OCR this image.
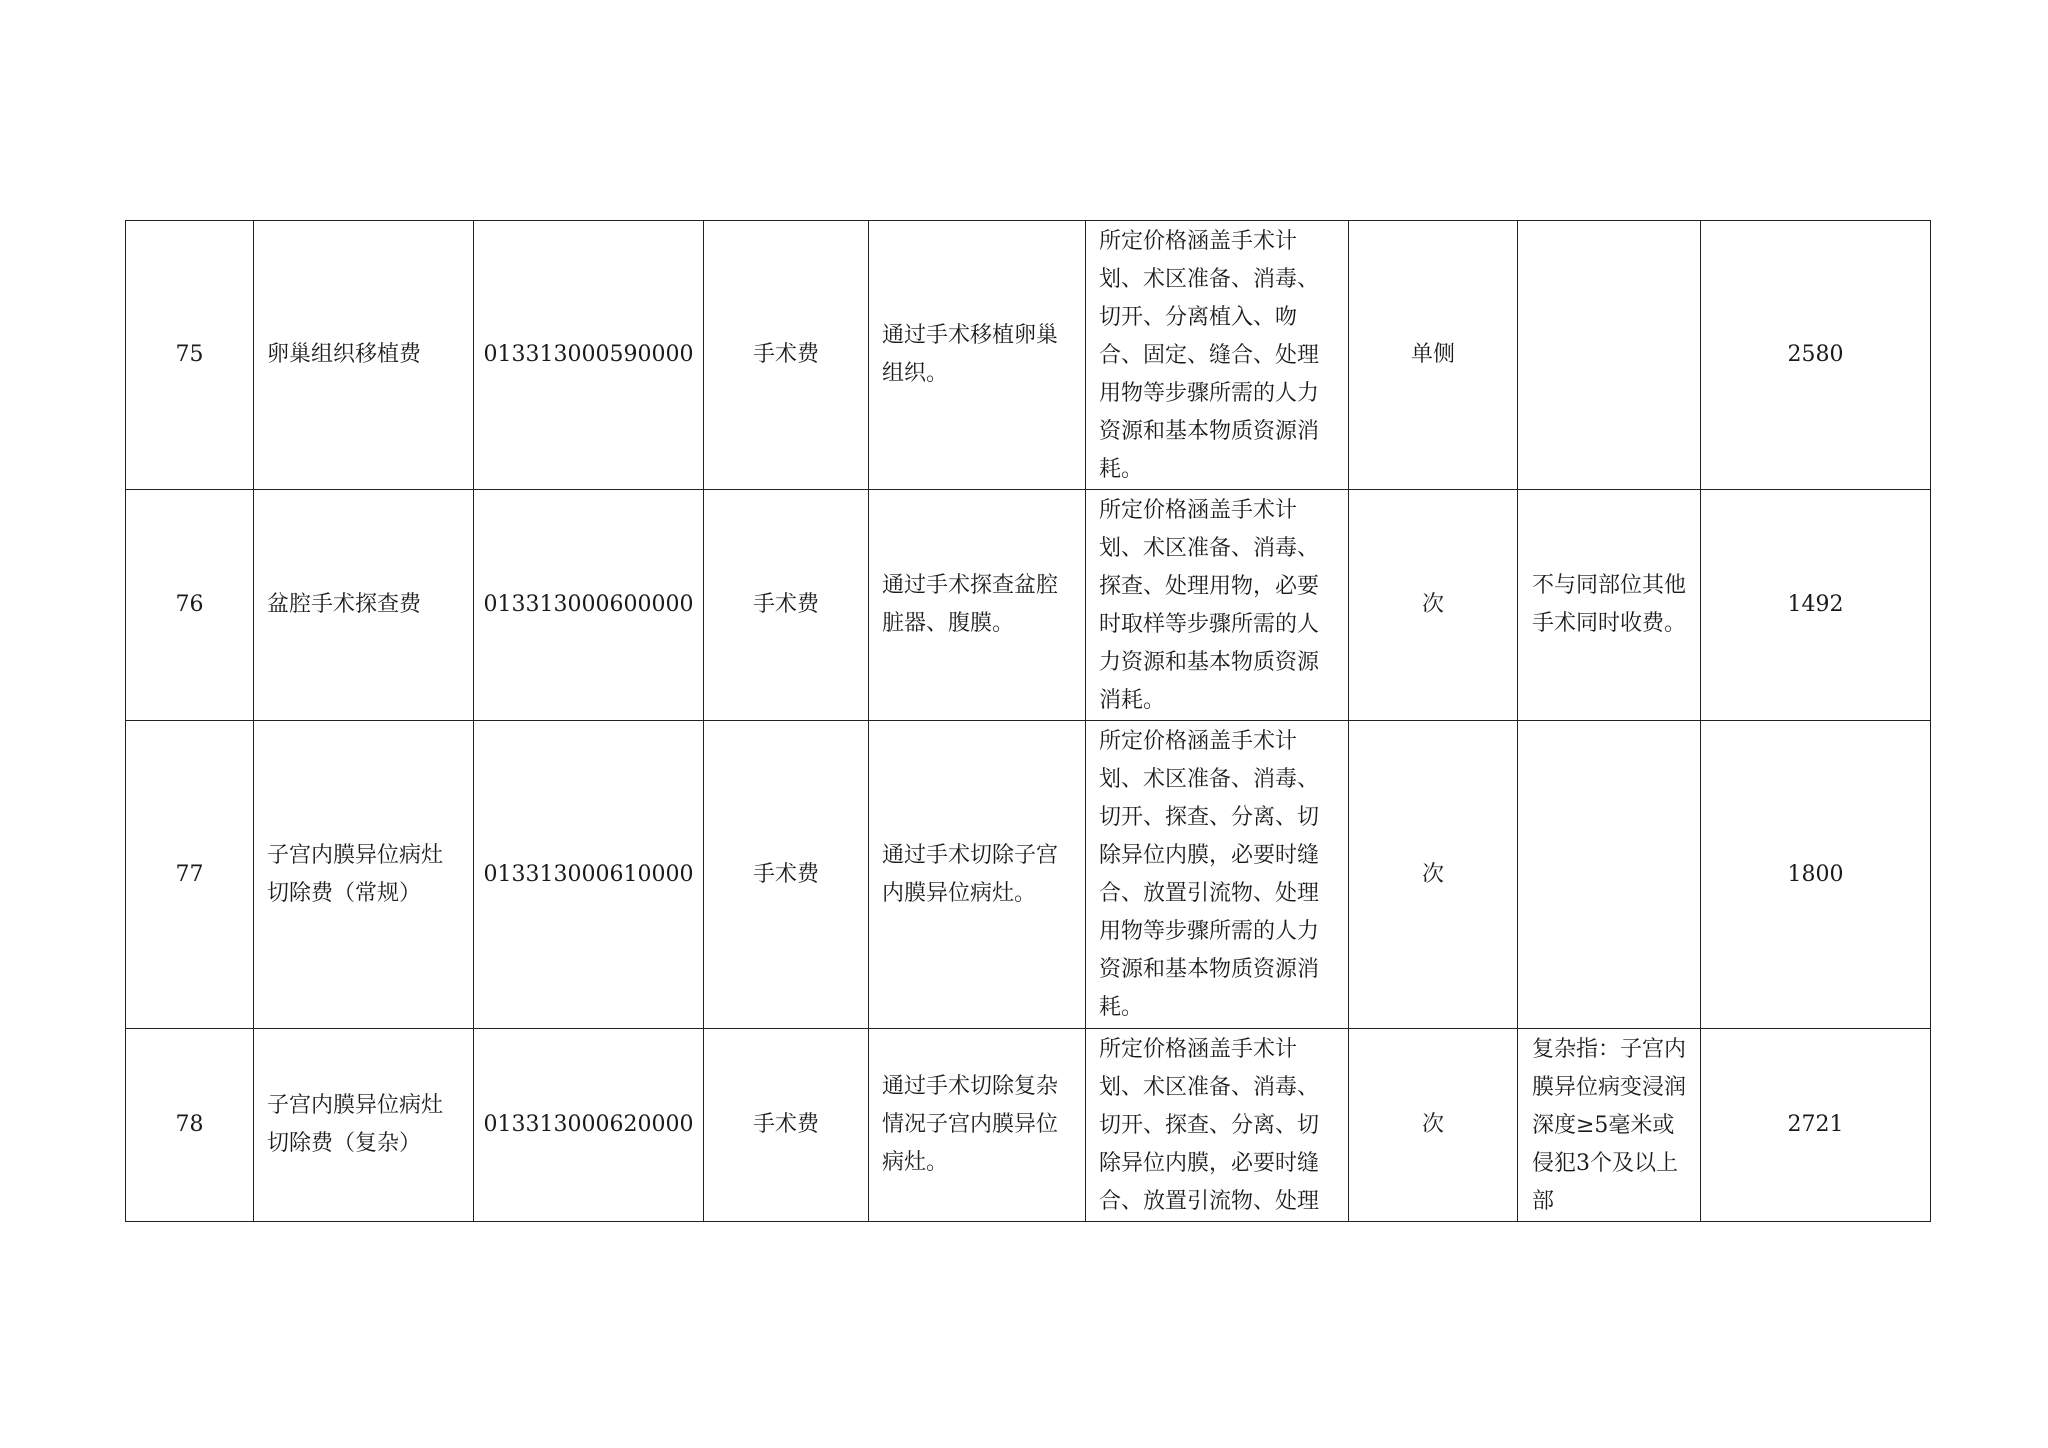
75	卵巢组织移植费	013313000590000	手术费	通过手术移植卵巢组织。	所定价格涵盖手术计划、术区准备、消毒、切开、分离植入、吻合、固定、缝合、处理用物等步骤所需的人力资源和基本物质资源消耗。	单侧		2580
76	盆腔手术探查费	013313000600000	手术费	通过手术探查盆腔脏器、腹膜。	所定价格涵盖手术计划、术区准备、消毒、探查、处理用物，必要时取样等步骤所需的人力资源和基本物质资源消耗。	次	不与同部位其他手术同时收费。	1492
77	子宫内膜异位病灶切除费（常规）	013313000610000	手术费	通过手术切除子宫内膜异位病灶。	所定价格涵盖手术计划、术区准备、消毒、切开、探查、分离、切除异位内膜，必要时缝合、放置引流物、处理用物等步骤所需的人力资源和基本物质资源消耗。	次		1800
78	子宫内膜异位病灶切除费（复杂）	013313000620000	手术费	通过手术切除复杂情况子宫内膜异位病灶。	所定价格涵盖手术计划、术区准备、消毒、切开、探查、分离、切除异位内膜，必要时缝合、放置引流物、处理	次	复杂指：子宫内膜异位病变浸润深度≥5毫米或侵犯3个及以上部	2721
